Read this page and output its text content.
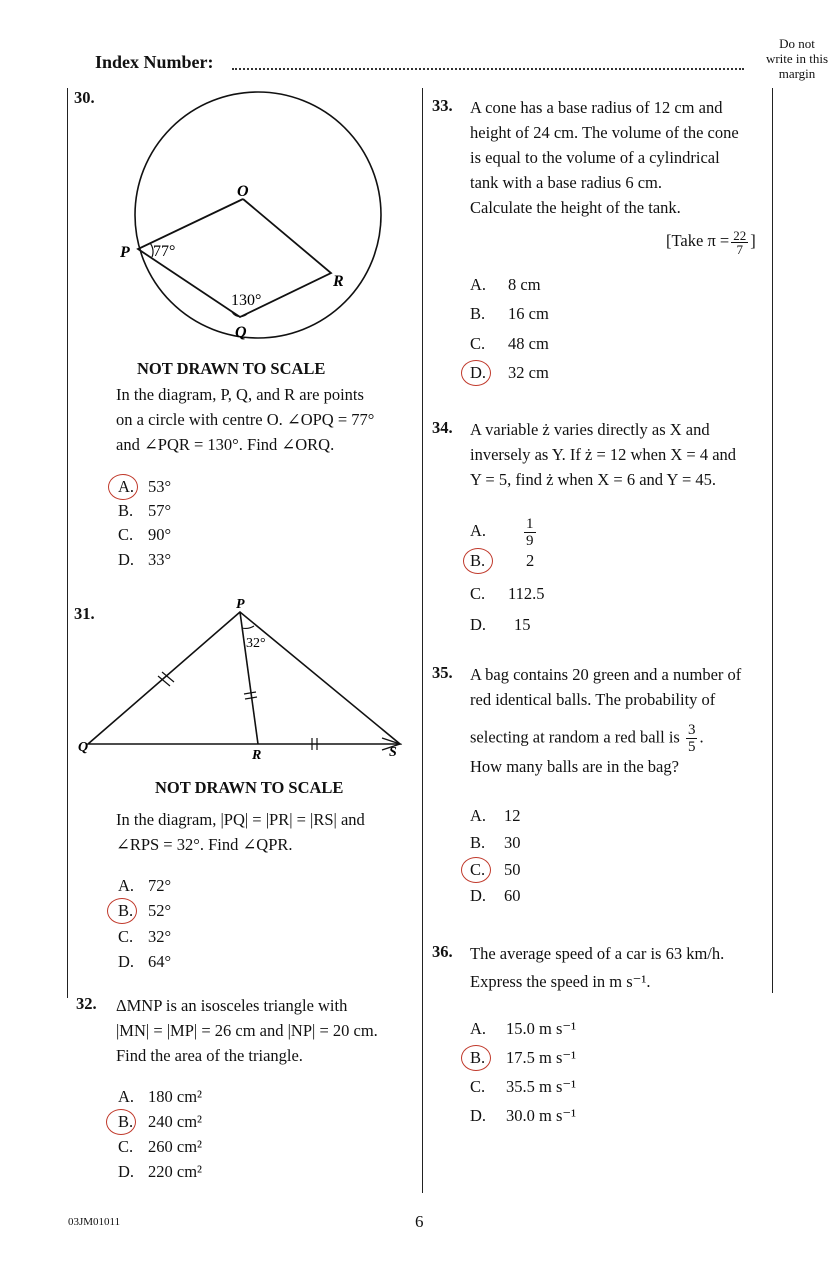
Index Number:
Do not
write in this
margin
30.
O
P 77°
R
130°
Q
NOT DRAWN TO SCALE
In the diagram, P, Q, and R are points
on a circle with centre O. ∠OPQ = 77°
and ∠PQR = 130°. Find ∠ORQ.
A. 53°
B. 57°
C. 90°
D. 33°
31.	P
32°
Q
R	S
NOT DRAWN TO SCALE
In the diagram, |PQ| = |PR| = |RS| and
∠RPS = 32°. Find ∠QPR.
A. 72°
B. 52°
C. 32°
D. 64°
32. ΔMNP is an isosceles triangle with
|MN| = |MP| = 26 cm and |NP| = 20 cm.
Find the area of the triangle.
A. 180 cm²
B. 240 cm²
C. 260 cm²
D. 220 cm²
33. A cone has a base radius of 12 cm and
height of 24 cm. The volume of the cone
is equal to the volume of a cylindrical
tank with a base radius 6 cm.
Calculate the height of the tank.
[Take $\pi = \frac{22}{7}$ ]
A. 8 cm
B. 16 cm
C. 48 cm
D. 32 cm
34. A variable ż varies directly as X and
inversely as Y. If ż = 12 when X = 4 and
Y = 5, find ż when X = 6 and Y = 45.
A.	$\frac{1}{9}$
B. 2
C. 112.5
D. 15
35. A bag contains 20 green and a number of
red identical balls. The probability of
selecting at random a red ball is $\frac{3}{5}$ .
How many balls are in the bag?
A. 12
B. 30
C. 50
D. 60
36. The average speed of a car is 63 km/h.
Express the speed in m s⁻¹.
A. 15.0 m s⁻¹
B. 17.5 m s⁻¹
C. 35.5 m s⁻¹
D. 30.0 m s⁻¹
03JM01011	6
